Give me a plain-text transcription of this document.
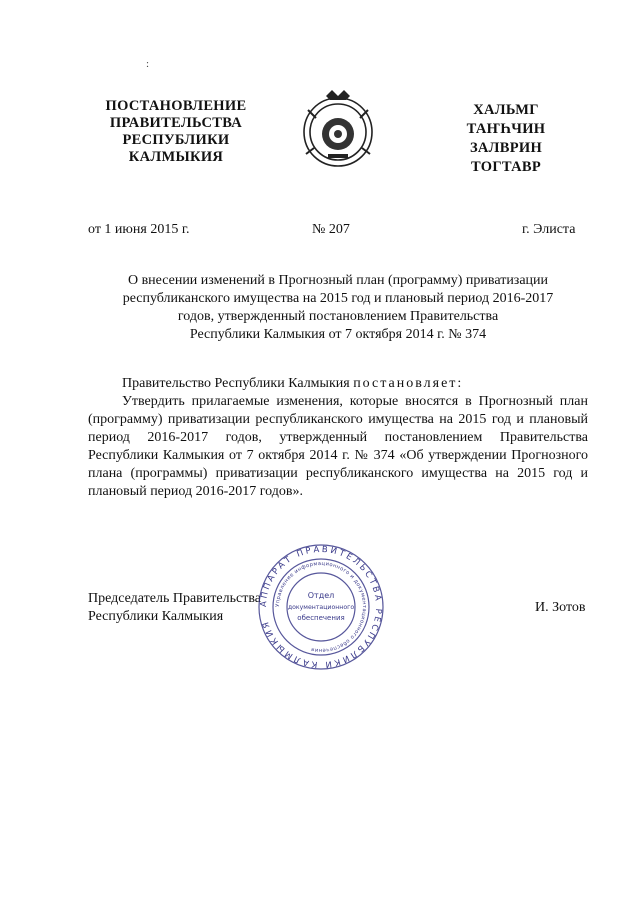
:
ПОСТАНОВЛЕНИЕ
ПРАВИТЕЛЬСТВА
РЕСПУБЛИКИ
КАЛМЫКИЯ
ХАЛЬМГ
ТАҤҺЧИН
ЗАЛВРИН
ТОГТАВР
от 1 июня 2015 г.	№ 207	г. Элиста
О внесении изменений в Прогнозный план (программу) приватизации
республиканского имущества на 2015 год и плановый период 2016-2017
годов, утвержденный постановлением Правительства
Республики Калмыкия от 7 октября 2014 г. № 374
Правительство Республики Калмыкия постановляет:
Утвердить прилагаемые изменения, которые вносятся в Прогнозный план (программу) приватизации республиканского имущества на 2015 год и плановый период 2016-2017 годов, утвержденный постановлением Правительства Республики Калмыкия от 7 октября 2014 г. № 374 «Об утверждении Прогнозного плана (программы) приватизации республиканского имущества на 2015 год и плановый период 2016-2017 годов».
Председатель Правительства
Республики Калмыкия
И. Зотов
АППАРАТ ПРАВИТЕЛЬСТВА РЕСПУБЛИКИ КАЛМЫКИЯ
Управление информационного и документационного обеспечения
Отдел
документационного
обеспечения
